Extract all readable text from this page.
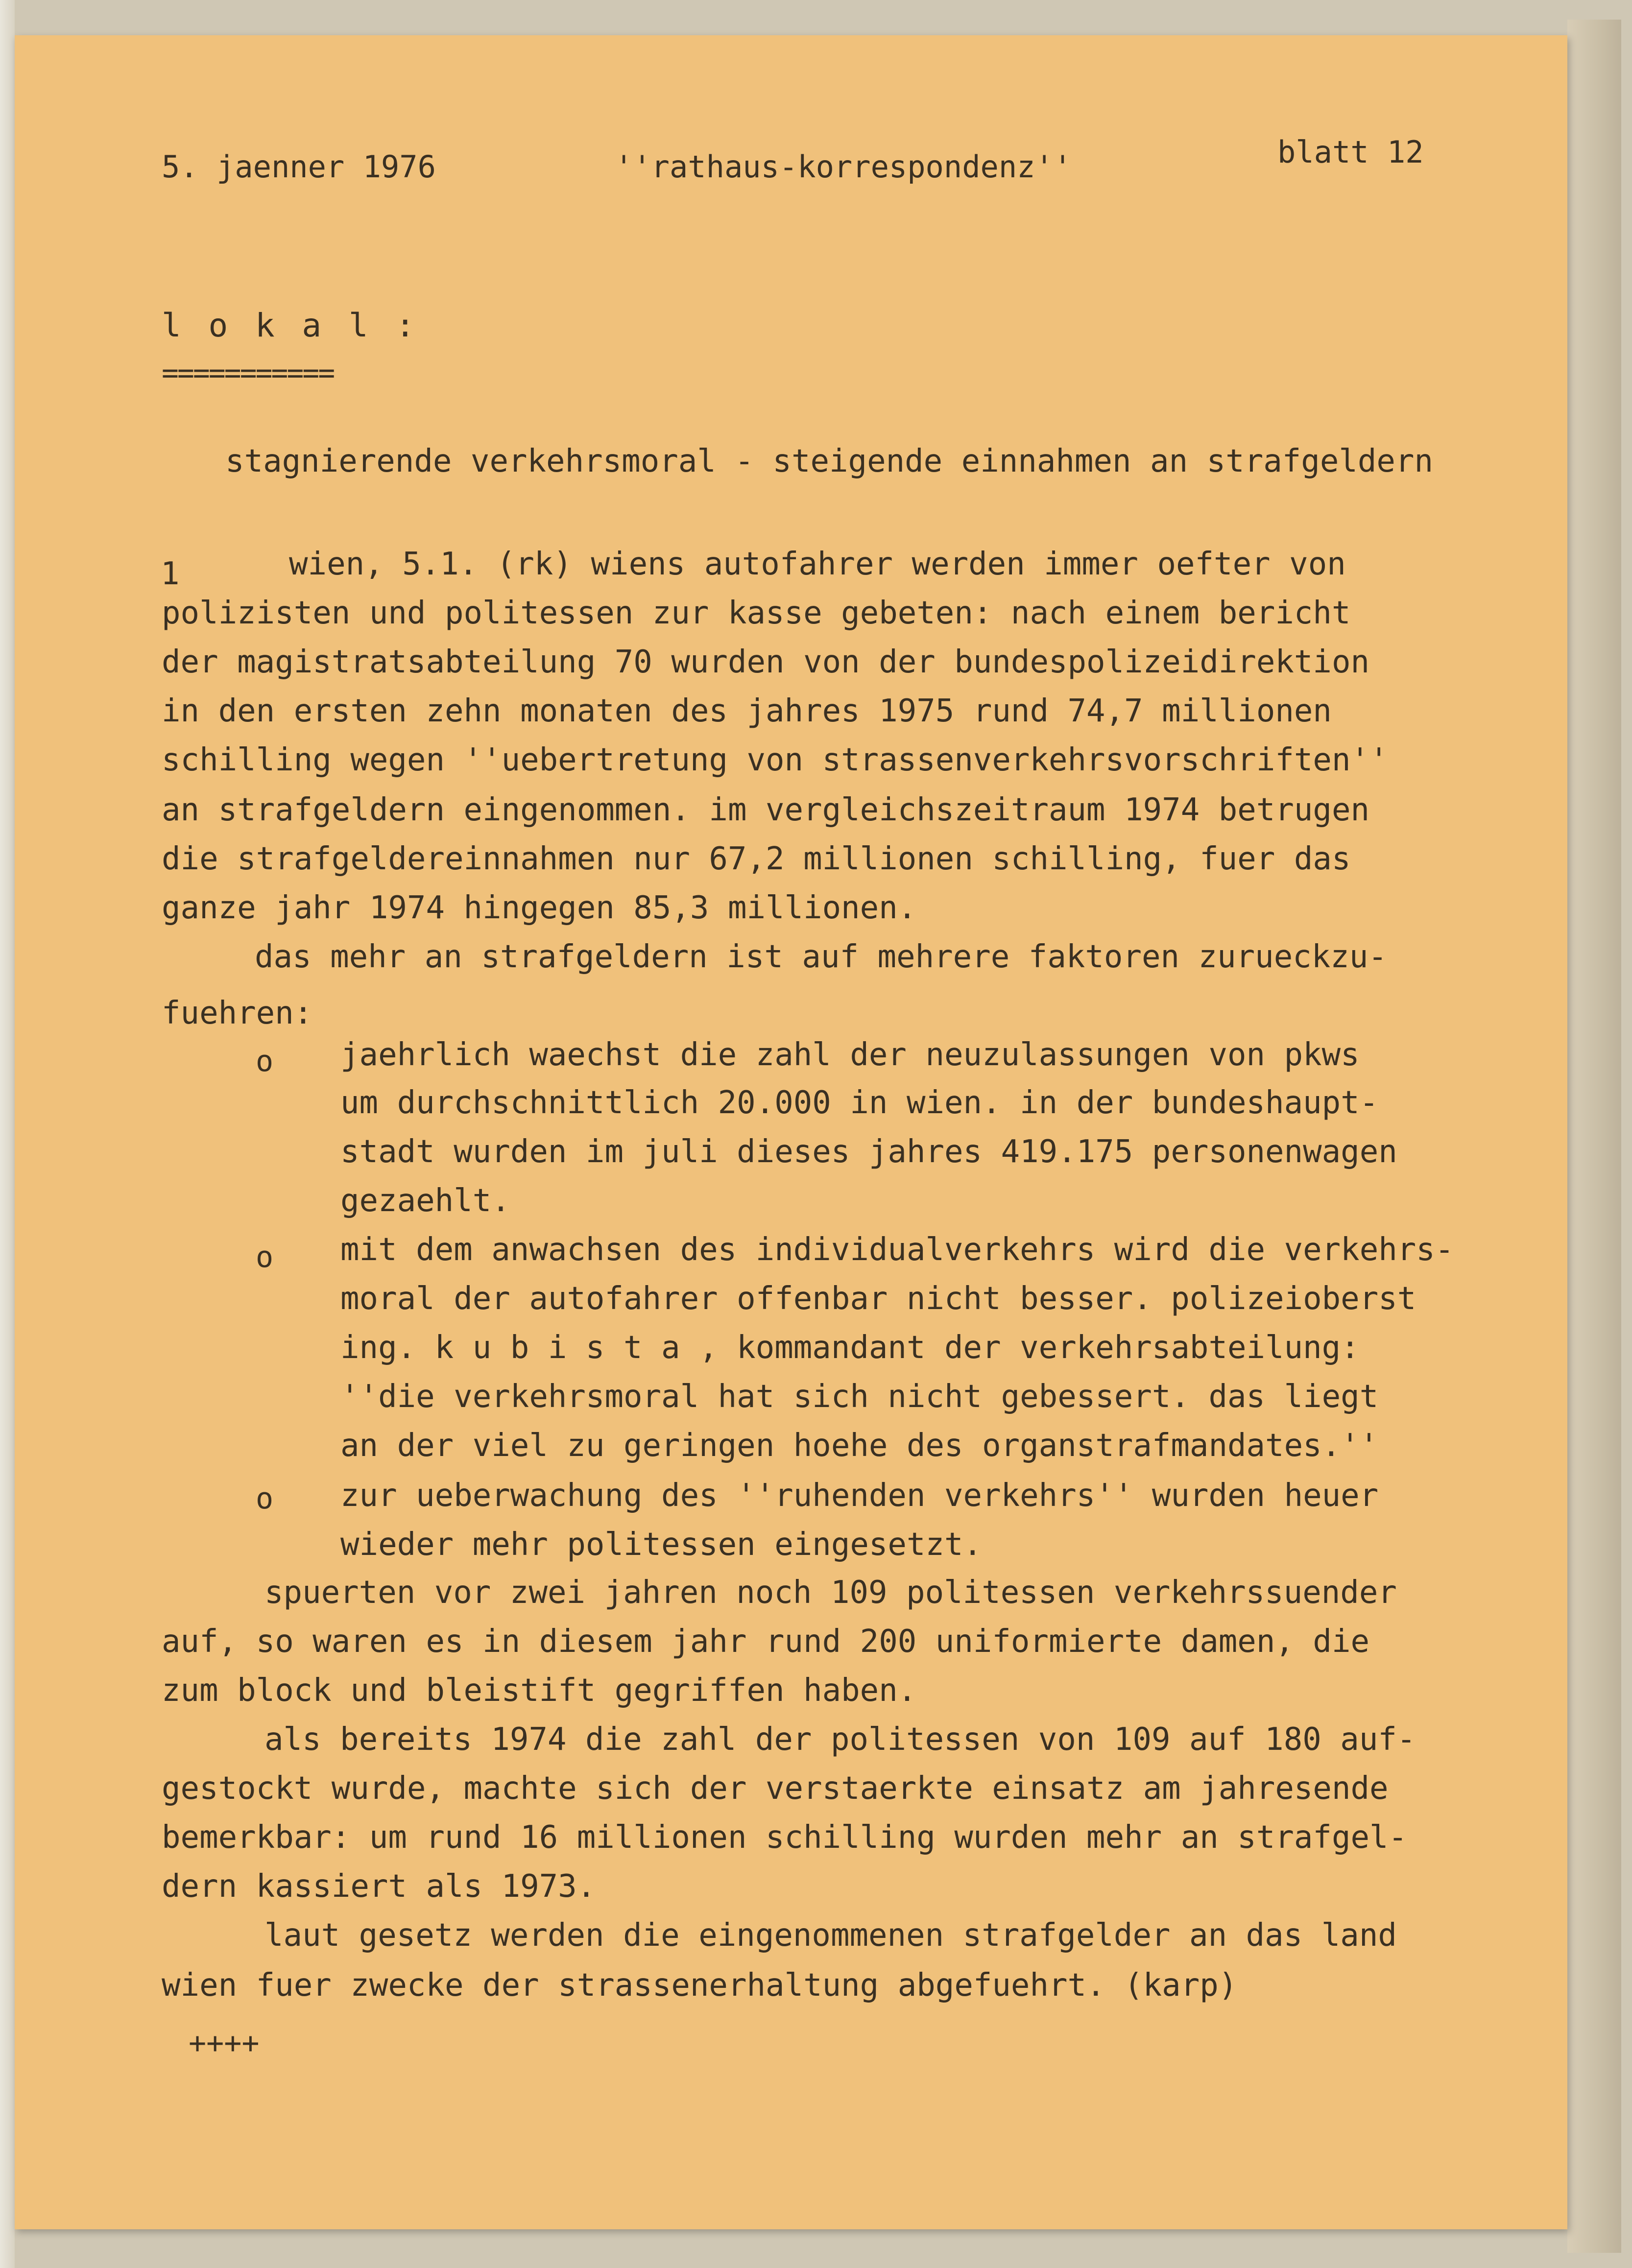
5. jaenner 1976	''rathaus-korrespondenz''	blatt 12
l o k a l :
===========
stagnierende verkehrsmoral - steigende einnahmen an strafgeldern
1	wien, 5.1. (rk) wiens autofahrer werden immer oefter von
polizisten und politessen zur kasse gebeten: nach einem bericht
der magistratsabteilung 70 wurden von der bundespolizeidirektion
in den ersten zehn monaten des jahres 1975 rund 74,7 millionen
schilling wegen ''uebertretung von strassenverkehrsvorschriften''
an strafgeldern eingenommen. im vergleichszeitraum 1974 betrugen
die strafgeldereinnahmen nur 67,2 millionen schilling, fuer das
ganze jahr 1974 hingegen 85,3 millionen.
das mehr an strafgeldern ist auf mehrere faktoren zurueckzu-
fuehren:
o jaehrlich waechst die zahl der neuzulassungen von pkws
um durchschnittlich 20.000 in wien. in der bundeshaupt-
stadt wurden im juli dieses jahres 419.175 personenwagen
gezaehlt.
o mit dem anwachsen des individualverkehrs wird die verkehrs-
moral der autofahrer offenbar nicht besser. polizeioberst
ing. k u b i s t a , kommandant der verkehrsabteilung:
''die verkehrsmoral hat sich nicht gebessert. das liegt
an der viel zu geringen hoehe des organstrafmandates.''
o zur ueberwachung des ''ruhenden verkehrs'' wurden heuer
wieder mehr politessen eingesetzt.
spuerten vor zwei jahren noch 109 politessen verkehrssuender
auf, so waren es in diesem jahr rund 200 uniformierte damen, die
zum block und bleistift gegriffen haben.
als bereits 1974 die zahl der politessen von 109 auf 180 auf-
gestockt wurde, machte sich der verstaerkte einsatz am jahresende
bemerkbar: um rund 16 millionen schilling wurden mehr an strafgel-
dern kassiert als 1973.
laut gesetz werden die eingenommenen strafgelder an das land
wien fuer zwecke der strassenerhaltung abgefuehrt. (karp)
++++
